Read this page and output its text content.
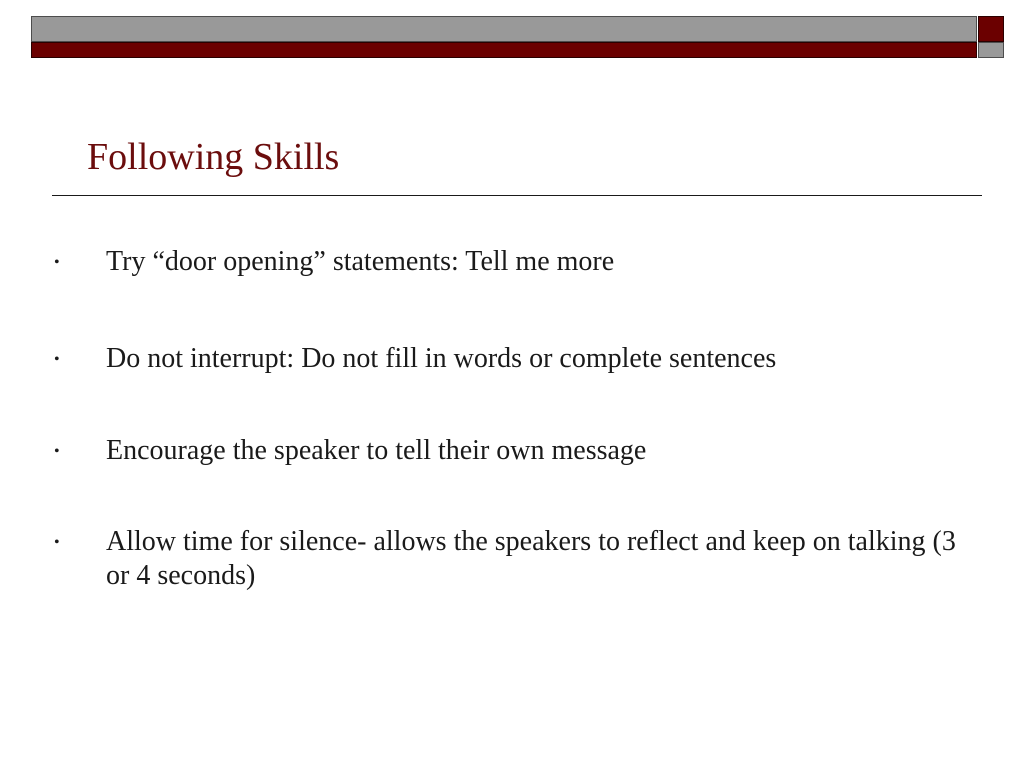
Following Skills
• Try “door opening” statements: Tell me more
• Do not interrupt: Do not fill in words or complete sentences
• Encourage the speaker to tell their own message
• Allow time for silence- allows the speakers to reflect and keep on talking (3 or 4 seconds)
